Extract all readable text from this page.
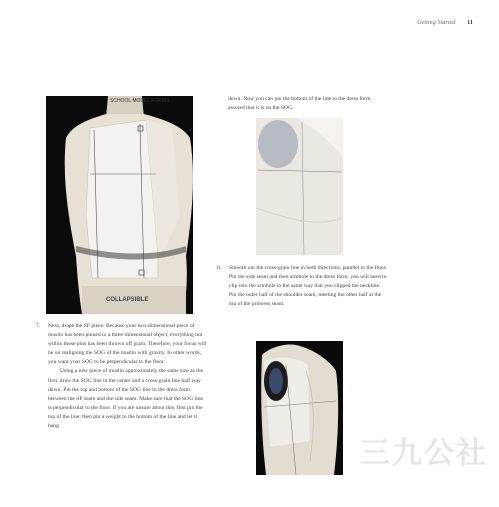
Getting Started 11
SCHOOL MODEL FORMS
COLLAPSIBLE
down. Now you can pin the bottom of the line to the dress form assured that it is on the SOG.
8.	Smooth out the cross-grain line in both directions, parallel to the floor. Pin the side seam and then armhole to the dress form; you will need to clip into the armhole in the same way that you clipped the neckline. Pin the outer half of the shoulder seam, meeting the other half at the top of the princess seam.
7.	Next, drape the SF piece. Because your two-dimensional piece of muslin has been pinned to a three-dimensional object, everything not within those pins has been thrown off grain. Therefore, your focus will be on realigning the SOG of the muslin with gravity. In other words, you want your SOG to be perpendicular to the floor.
Using a new piece of muslin approximately the same size as the first, draw the SOG line in the center and a cross-grain line half way down. Pin the top and bottom of the SOG line to the dress form between the SF seam and the side seam. Make sure that the SOG line is perpendicular to the floor. If you are unsure about this, first pin the top of the line; then pin a weight to the bottom of the line and let it hang
三九公社
